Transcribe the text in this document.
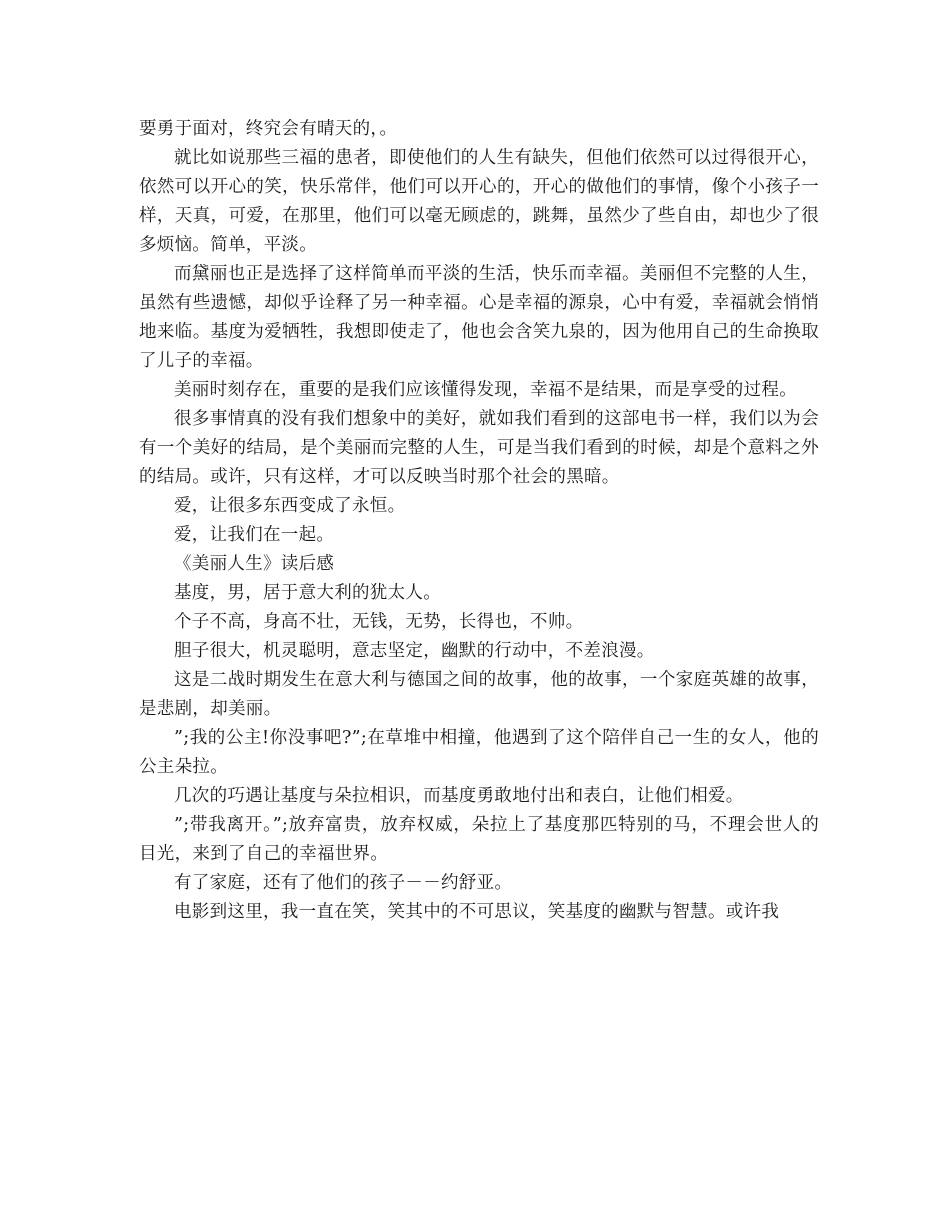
要勇于面对，终究会有晴天的，。

就比如说那些三福的患者，即使他们的人生有缺失，但他们依然可以过得很开心，依然可以开心的笑，快乐常伴，他们可以开心的，开心的做他们的事情，像个小孩子一样，天真，可爱，在那里，他们可以毫无顾虑的，跳舞，虽然少了些自由，却也少了很多烦恼。简单，平淡。

而黛丽也正是选择了这样简单而平淡的生活，快乐而幸福。美丽但不完整的人生，虽然有些遗憾，却似乎诠释了另一种幸福。心是幸福的源泉，心中有爱，幸福就会悄悄地来临。基度为爱牺牲，我想即使走了，他也会含笑九泉的，因为他用自己的生命换取了儿子的幸福。

美丽时刻存在，重要的是我们应该懂得发现，幸福不是结果，而是享受的过程。

很多事情真的没有我们想象中的美好，就如我们看到的这部电书一样，我们以为会有一个美好的结局，是个美丽而完整的人生，可是当我们看到的时候，却是个意料之外的结局。或许，只有这样，才可以反映当时那个社会的黑暗。

爱，让很多东西变成了永恒。

爱，让我们在一起。

《美丽人生》读后感

基度，男，居于意大利的犹太人。

个子不高，身高不壮，无钱，无势，长得也，不帅。

胆子很大，机灵聪明，意志坚定，幽默的行动中，不差浪漫。

这是二战时期发生在意大利与德国之间的故事，他的故事，一个家庭英雄的故事，是悲剧，却美丽。

”;我的公主!你没事吧?”;在草堆中相撞，他遇到了这个陪伴自己一生的女人，他的公主朵拉。

几次的巧遇让基度与朵拉相识，而基度勇敢地付出和表白，让他们相爱。

”;带我离开。”;放弃富贵，放弃权威，朵拉上了基度那匹特别的马，不理会世人的目光，来到了自己的幸福世界。

有了家庭，还有了他们的孩子－－约舒亚。

电影到这里，我一直在笑，笑其中的不可思议，笑基度的幽默与智慧。或许我
